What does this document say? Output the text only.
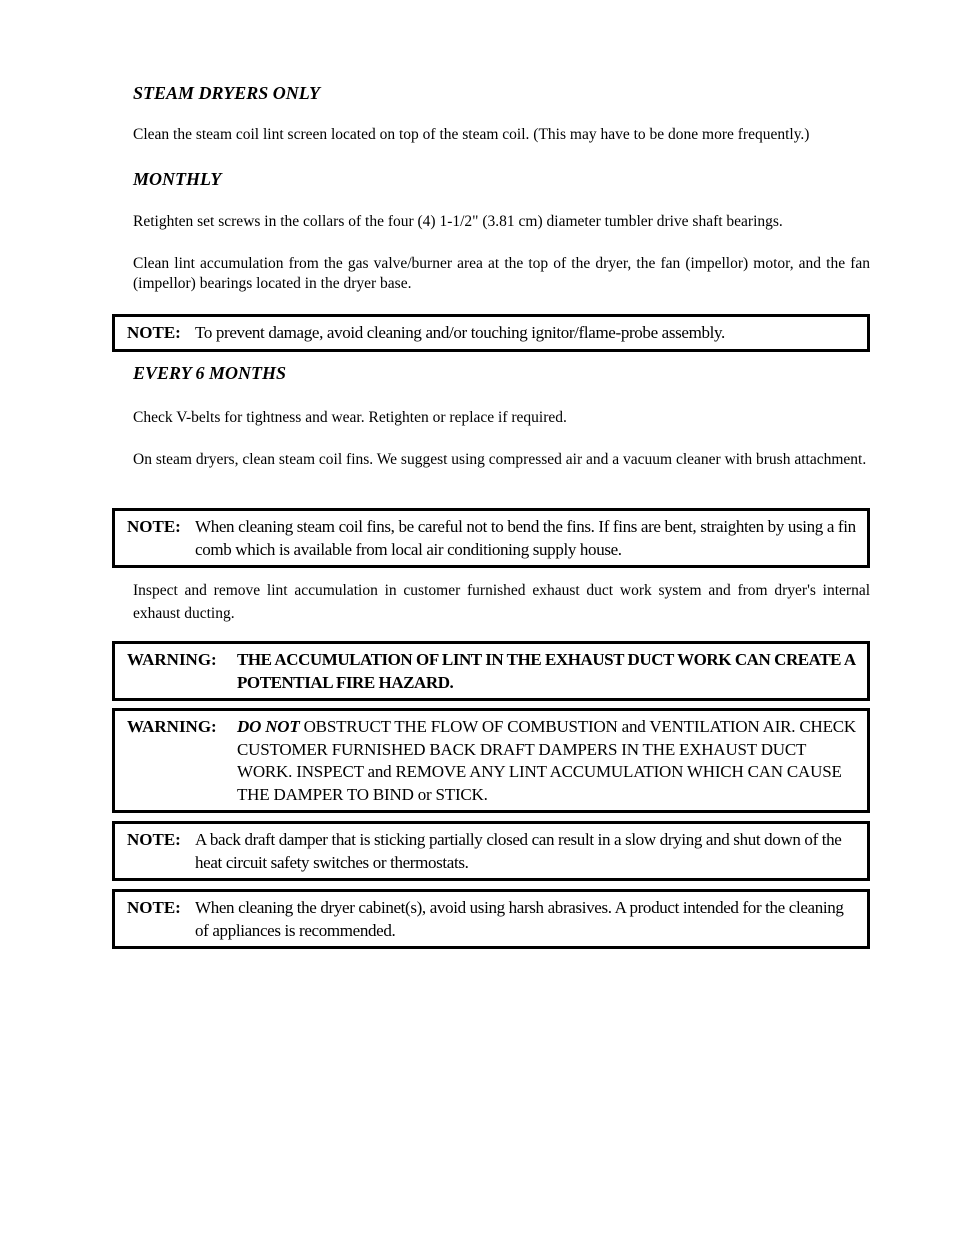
STEAM DRYERS ONLY

Clean the steam coil lint screen located on top of the steam coil. (This may have to be done more frequently.)

MONTHLY

Retighten set screws in the collars of the four (4) 1-1/2" (3.81 cm) diameter tumbler drive shaft bearings.

Clean lint accumulation from the gas valve/burner area at the top of the dryer, the fan (impellor) motor, and the fan (impellor) bearings located in the dryer base.

NOTE: To prevent damage, avoid cleaning and/or touching ignitor/flame-probe assembly.
EVERY 6 MONTHS

Check V-belts for tightness and wear. Retighten or replace if required.

On steam dryers, clean steam coil fins. We suggest using compressed air and a vacuum cleaner with brush attachment.

NOTE: When cleaning steam coil fins, be careful not to bend the fins. If fins are bent, straighten by using a fin comb which is available from local air conditioning supply house.

Inspect and remove lint accumulation in customer furnished exhaust duct work system and from dryer's internal exhaust ducting.

WARNING:	THE ACCUMULATION OF LINT IN THE EXHAUST DUCT WORK CAN CREATE A POTENTIAL FIRE HAZARD.
WARNING:	DO NOT OBSTRUCT THE FLOW OF COMBUSTION and VENTILATION AIR. CHECK CUSTOMER FURNISHED BACK DRAFT DAMPERS IN THE EXHAUST DUCT WORK. INSPECT and REMOVE ANY LINT ACCUMULATION WHICH CAN CAUSE THE DAMPER TO BIND or STICK.
NOTE: A back draft damper that is sticking partially closed can result in a slow drying and shut down of the heat circuit safety switches or thermostats.
NOTE: When cleaning the dryer cabinet(s), avoid using harsh abrasives. A product intended for the cleaning of appliances is recommended.
